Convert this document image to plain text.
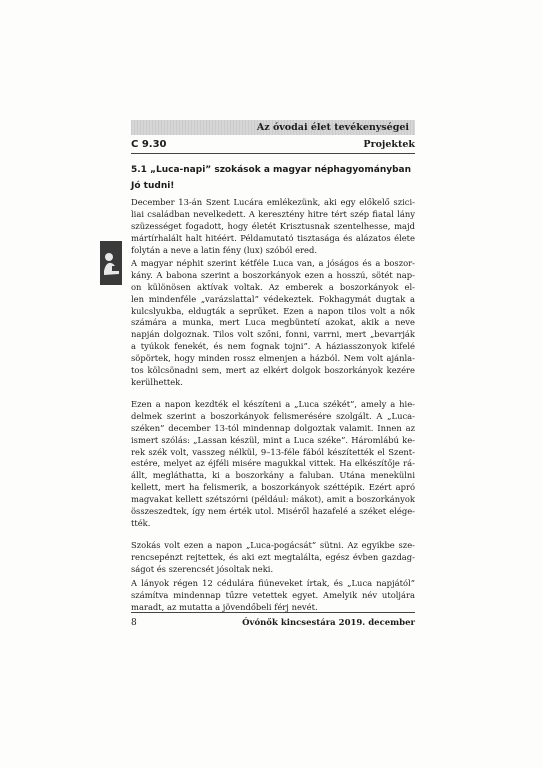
Az óvodai élet tevékenységei
C 9.30	Projektek
5.1 „Luca-napi” szokások a magyar néphagyományban
Jó tudni!
December 13-án Szent Lucára emlékezünk, aki egy előkelő szici-
liai családban nevelkedett. A keresztény hitre tért szép fiatal lány
szüzességet fogadott, hogy életét Krisztusnak szentelhesse, majd
mártírhalált halt hitéért. Példamutató tisztasága és alázatos élete
folytán a neve a latin fény (lux) szóból ered.
A magyar néphit szerint kétféle Luca van, a jóságos és a boszor-
kány. A babona szerint a boszorkányok ezen a hosszú, sötét nap-
on különösen aktívak voltak. Az emberek a boszorkányok el-
len mindenféle „varázslattal” védekeztek. Fokhagymát dugtak a
kulcslyukba, eldugták a seprűket. Ezen a napon tilos volt a nők
számára a munka, mert Luca megbüntetí azokat, akik a neve
napján dolgoznak. Tilos volt szőni, fonni, varrni, mert „bevarrják
a tyúkok fenekét, és nem fognak tojni”. A háziasszonyok kifelé
söpörtek, hogy minden rossz elmenjen a házból. Nem volt ajánla-
tos kölcsönadni sem, mert az elkért dolgok boszorkányok kezére
kerülhettek.
Ezen a napon kezdték el készíteni a „Luca székét”, amely a hie-
delmek szerint a boszorkányok felismerésére szolgált. A „Luca-
széken” december 13-tól mindennap dolgoztak valamit. Innen az
ismert szólás: „Lassan készül, mint a Luca széke”. Háromlábú ke-
rek szék volt, vasszeg nélkül, 9–13-féle fából készítették el Szent-
estére, melyet az éjféli misére magukkal vittek. Ha elkészítője rá-
állt, megláthatta, ki a boszorkány a faluban. Utána menekülni
kellett, mert ha felismerik, a boszorkányok széttépik. Ezért apró
magvakat kellett szétszórni (például: mákot), amit a boszorkányok
összeszedtek, így nem érték utol. Miséről hazafelé a széket elége-
tték.
Szokás volt ezen a napon „Luca-pogácsát” sütni. Az egyikbe sze-
rencsepénzt rejtettek, és aki ezt megtalálta, egész évben gazdag-
ságot és szerencsét jósoltak neki.
A lányok régen 12 cédulára fiúneveket írtak, és „Luca napjától”
számítva mindennap tűzre vetettek egyet. Amelyik név utoljára
maradt, az mutatta a jövendőbeli férj nevét.
8	Óvónők kincsestára 2019. december
